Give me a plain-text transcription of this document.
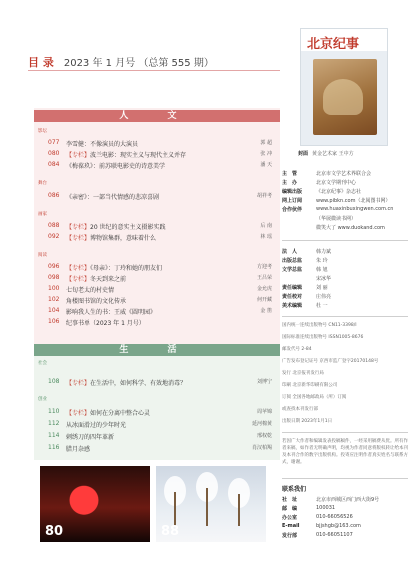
目 录 2023 年 1 月号 （总第 555 期）
人 文
影坛
077	李雪健：不像演员的大演员	郭 超
080	【专栏】波兰电影：现实主义与现代主义并存	张 冲
084	《梅葆玖》：前苏联电影史的诗意美学	潘 天
舞台
086	《亲密》：一部当代情感的悲凉喜剧	胡祥考
画家
088	【专栏】20 世纪的意实主义摄影实践	后 南
092	【专栏】博物馆集群，意味着什么	林 瑶
阅读
096	【专栏】《母亲》：丁玲和她的朋友们	方迎考
098	【专栏】冬天到来之前	王吕荣
100	七旬老太的村史情	金允虎
102	角楼图书馆的文化传承	何开藏
104	影响我人生的书：王威《圆明园》	金 笛
106	纪事书单（2023 年 1 月号）
生 活
社会
108	【专栏】在生活中，如何科学、有效地消毒？	刘博宁
创业
110	【专栏】如何在分离中整合心灵	周苹锦
112	从冰面滑过的少年时光	延河棉黄
114	刺绣刀的四年革新	邢权乾
116	腊月杂感	肖汉柏羯
80	88
北京纪事
封面 黄金艺术家 王中方
主　管	北京市文学艺术界联合会
主　办	北京文学期刊中心
编辑出版	《北京纪事》杂志社
网上订阅	www.pibkn.com（北阅图书网）
合作伙伴	www.huaxinbuxingwen.com.cn
（华展微读书网）
微笑大了 www.duokand.com
法　人	韩力斌
出版总监	朱 玲
文学总监	韩 旭
宋冰华
责任编辑	刘 丽
责任校对	庄伟亮
美术编辑	杜 一
国内统一连续出版物号 CN11-3398/I
国际标准连续出版物号 ISSN1005-8676
邮发代号 2-84
广告发布登记证号 京西市监广登字20170148号
发行 北京报刊发行局
印刷 北京新华印刷有限公司
订阅 全国各地邮政局（所）订阅
或查找本刊发行部
出版日期 2023年1月1日
若因广大作者和编辑发表投稿稿件，一经采用稿费从优。所有作者来稿，如作者无明确声明，均视为作者同意将版权转让给本刊及本刊合作的数字出版机构。投寄应注明作者真实姓名与联系方式，谢谢。
联系我们
社　址	北京市西城区西门西大街9号
邮　编	100031
办公室	010-66056526
E-mail	bjjshgb@163.com
发行部	010-66051107
